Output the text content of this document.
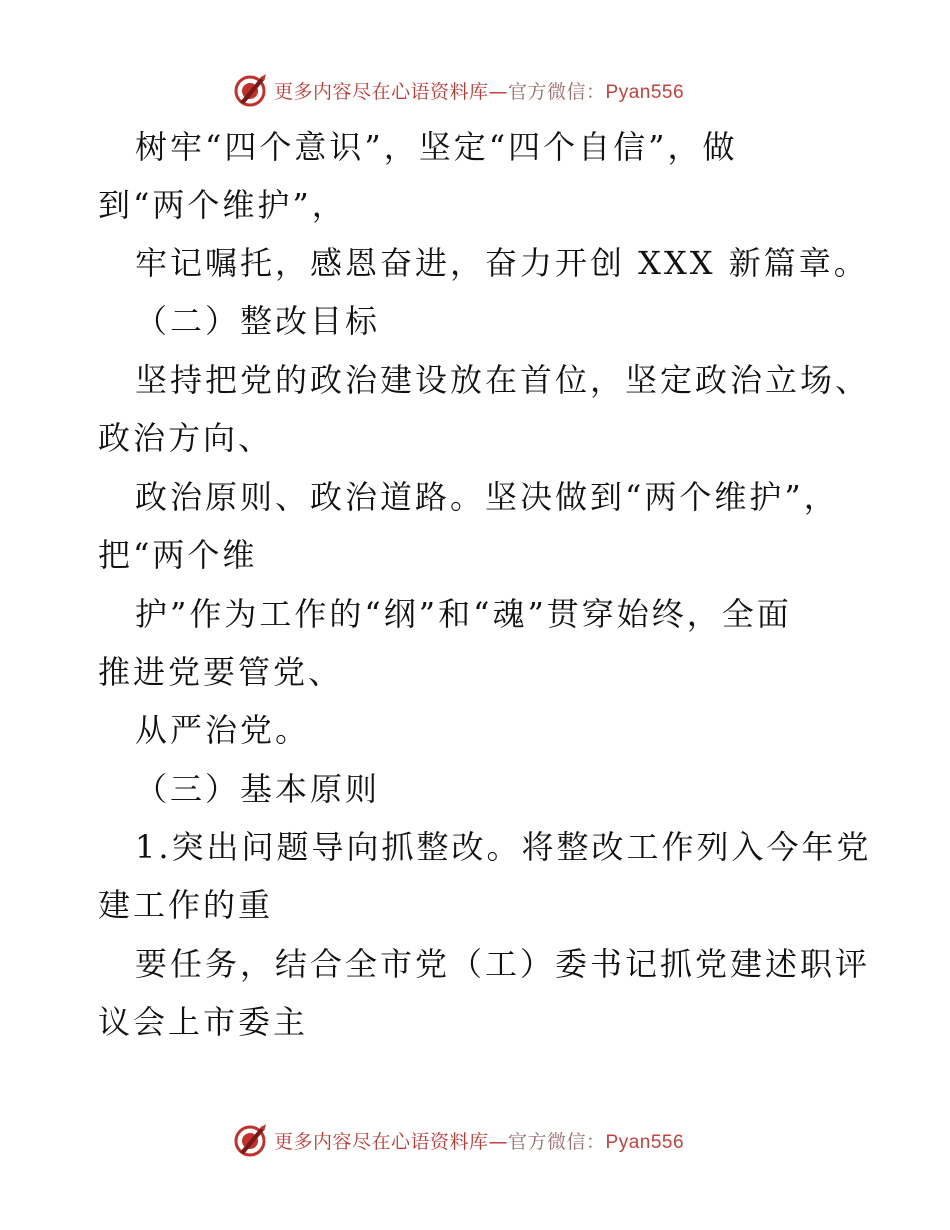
更多内容尽在心语资料库—官方微信：Pyan556
树牢“四个意识”，坚定“四个自信”，做
到“两个维护”，
牢记嘱托，感恩奋进，奋力开创 XXX 新篇章。
（二）整改目标
坚持把党的政治建设放在首位，坚定政治立场、
政治方向、
政治原则、政治道路。坚决做到“两个维护”，
把“两个维
护”作为工作的“纲”和“魂”贯穿始终，全面
推进党要管党、
从严治党。
（三）基本原则
1.突出问题导向抓整改。将整改工作列入今年党
建工作的重
要任务，结合全市党（工）委书记抓党建述职评
议会上市委主
更多内容尽在心语资料库—官方微信：Pyan556
